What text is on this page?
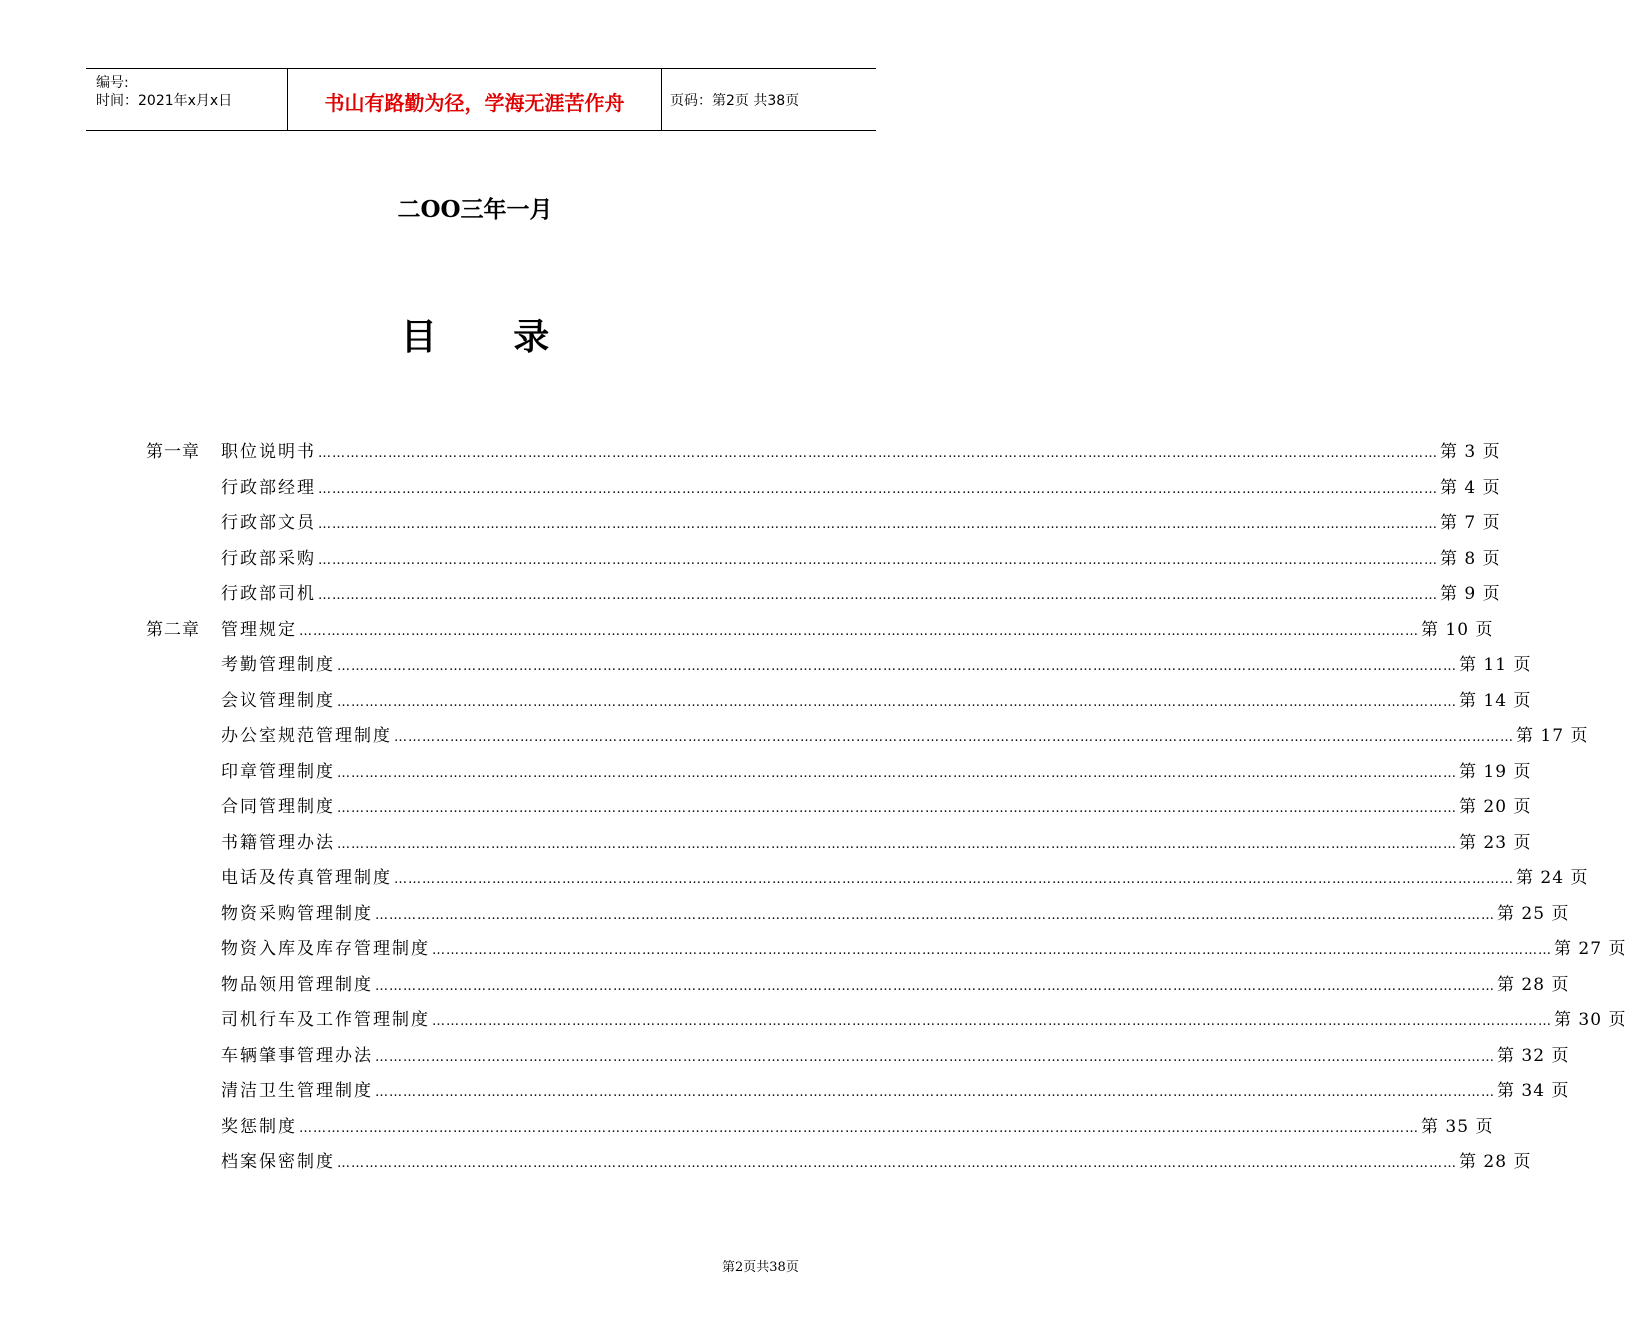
编号:
时间：2021年x月x日	书山有路勤为径，学海无涯苦作舟	页码：第2页 共38页
二OO三年一月
目 录
第一章 职位说明书 …………………………………………………………………………………………………………………………………………………………………………………………………………………… 第 3 页
行政部经理 …………………………………………………………………………………………………………………………………………………………………………………………………………………… 第 4 页
行政部文员 …………………………………………………………………………………………………………………………………………………………………………………………………………………… 第 7 页
行政部采购 …………………………………………………………………………………………………………………………………………………………………………………………………………………… 第 8 页
行政部司机 …………………………………………………………………………………………………………………………………………………………………………………………………………………… 第 9 页
第二章 管理规定 …………………………………………………………………………………………………………………………………………………………………………………………………………………… 第 10 页
考勤管理制度 …………………………………………………………………………………………………………………………………………………………………………………………………………………… 第 11 页
会议管理制度 …………………………………………………………………………………………………………………………………………………………………………………………………………………… 第 14 页
办公室规范管理制度 …………………………………………………………………………………………………………………………………………………………………………………………………………………… 第 17 页
印章管理制度 …………………………………………………………………………………………………………………………………………………………………………………………………………………… 第 19 页
合同管理制度 …………………………………………………………………………………………………………………………………………………………………………………………………………………… 第 20 页
书籍管理办法 …………………………………………………………………………………………………………………………………………………………………………………………………………………… 第 23 页
电话及传真管理制度 …………………………………………………………………………………………………………………………………………………………………………………………………………………… 第 24 页
物资采购管理制度 …………………………………………………………………………………………………………………………………………………………………………………………………………………… 第 25 页
物资入库及库存管理制度 …………………………………………………………………………………………………………………………………………………………………………………………………………………… 第 27 页
物品领用管理制度 …………………………………………………………………………………………………………………………………………………………………………………………………………………… 第 28 页
司机行车及工作管理制度 …………………………………………………………………………………………………………………………………………………………………………………………………………………… 第 30 页
车辆肇事管理办法 …………………………………………………………………………………………………………………………………………………………………………………………………………………… 第 32 页
清洁卫生管理制度 …………………………………………………………………………………………………………………………………………………………………………………………………………………… 第 34 页
奖惩制度 …………………………………………………………………………………………………………………………………………………………………………………………………………………… 第 35 页
档案保密制度 …………………………………………………………………………………………………………………………………………………………………………………………………………………… 第 28 页
第2页共38页
